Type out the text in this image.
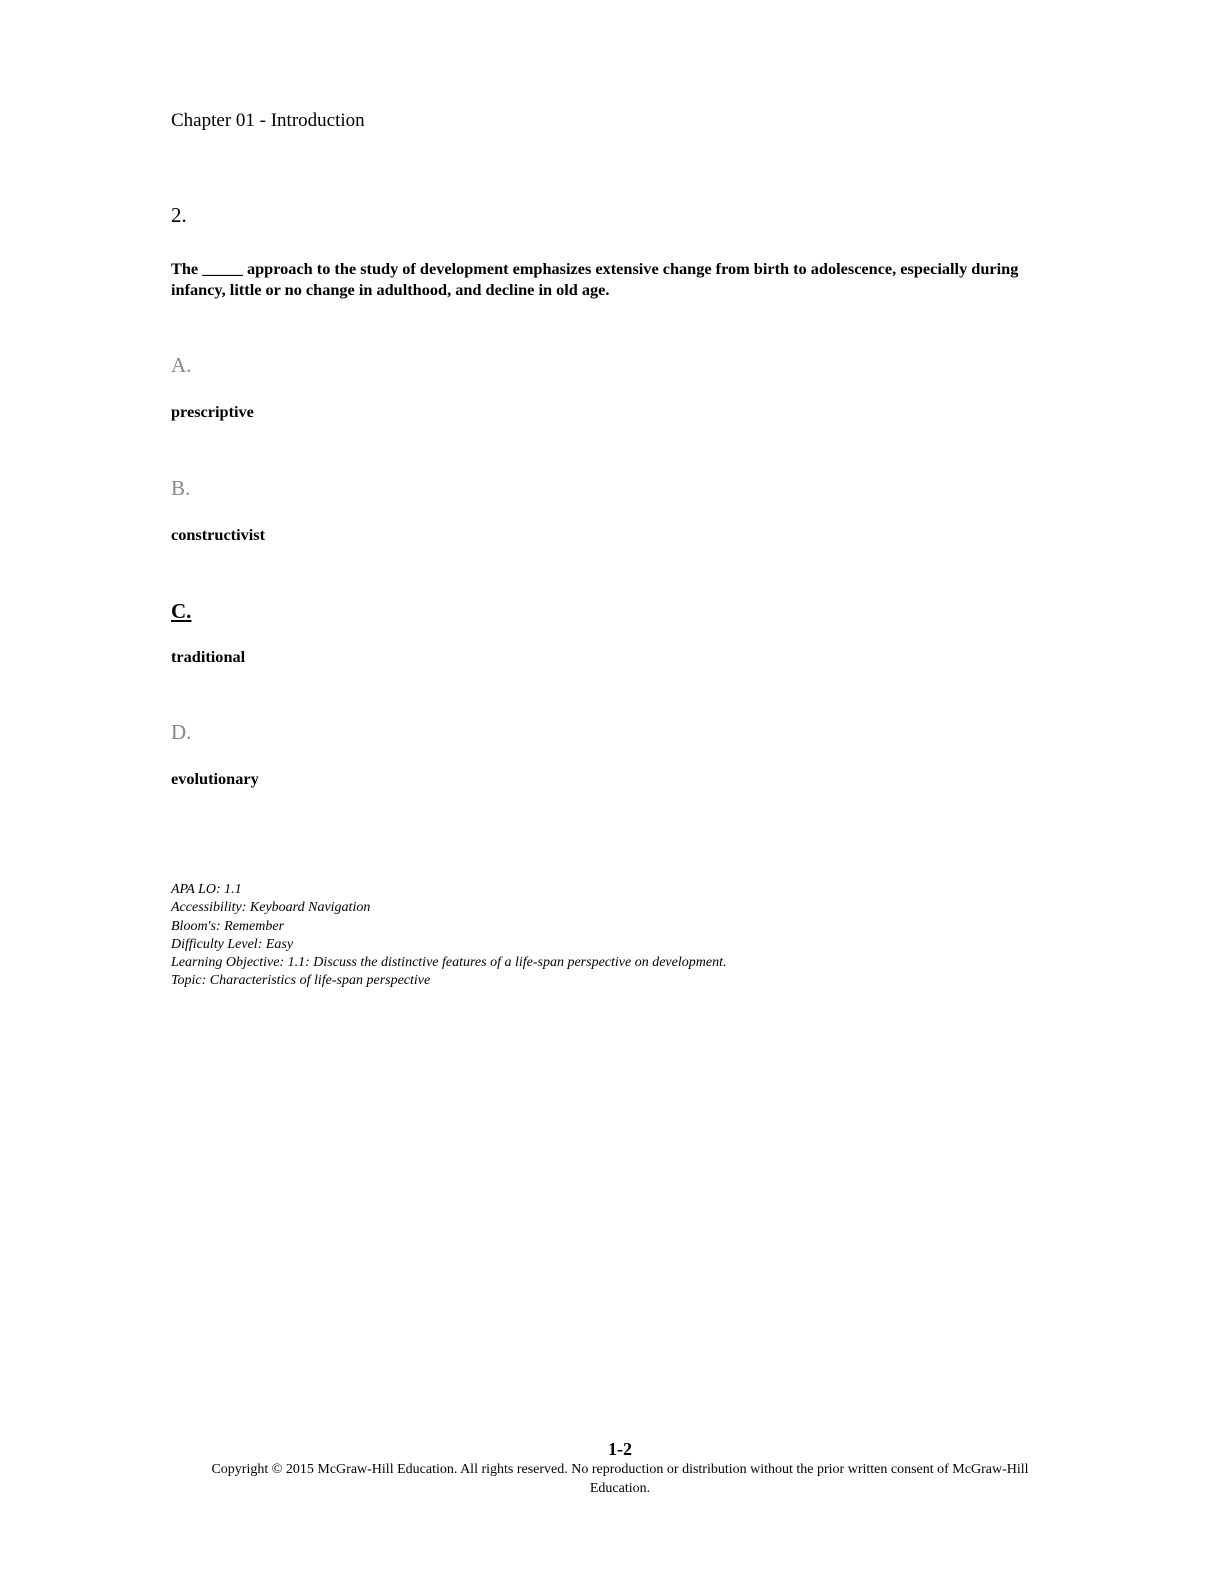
Chapter 01 - Introduction
2.
The _____ approach to the study of development emphasizes extensive change from birth to adolescence, especially during infancy, little or no change in adulthood, and decline in old age.
A.
prescriptive
B.
constructivist
C.
traditional
D.
evolutionary
APA LO: 1.1
Accessibility: Keyboard Navigation
Bloom's: Remember
Difficulty Level: Easy
Learning Objective: 1.1: Discuss the distinctive features of a life-span perspective on development.
Topic: Characteristics of life-span perspective
1-2
Copyright © 2015 McGraw-Hill Education. All rights reserved. No reproduction or distribution without the prior written consent of McGraw-Hill Education.
